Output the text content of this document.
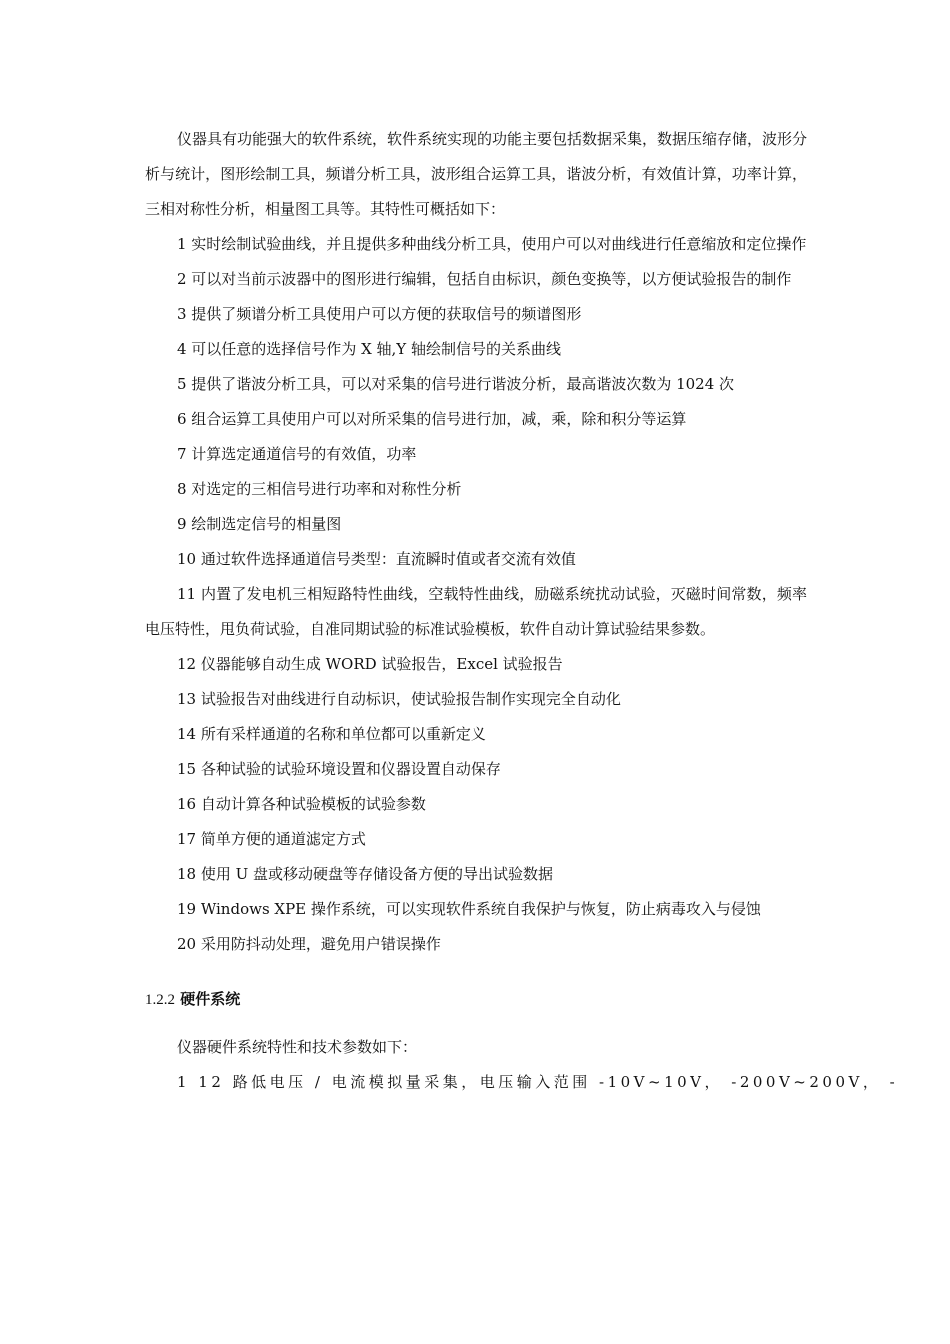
仪器具有功能强大的软件系统，软件系统实现的功能主要包括数据采集，数据压缩存储，波形分析与统计，图形绘制工具，频谱分析工具，波形组合运算工具，谐波分析，有效值计算，功率计算，三相对称性分析，相量图工具等。其特性可概括如下：

1 实时绘制试验曲线，并且提供多种曲线分析工具，使用户可以对曲线进行任意缩放和定位操作

2 可以对当前示波器中的图形进行编辑，包括自由标识，颜色变换等，以方便试验报告的制作

3 提供了频谱分析工具使用户可以方便的获取信号的频谱图形

4 可以任意的选择信号作为 X 轴,Y 轴绘制信号的关系曲线

5 提供了谐波分析工具，可以对采集的信号进行谐波分析，最高谐波次数为 1024 次

6 组合运算工具使用户可以对所采集的信号进行加，减，乘，除和积分等运算

7 计算选定通道信号的有效值，功率

8 对选定的三相信号进行功率和对称性分析

9 绘制选定信号的相量图

10 通过软件选择通道信号类型：直流瞬时值或者交流有效值

11 内置了发电机三相短路特性曲线，空载特性曲线，励磁系统扰动试验，灭磁时间常数，频率电压特性，甩负荷试验，自准同期试验的标准试验模板，软件自动计算试验结果参数。

12 仪器能够自动生成 WORD 试验报告，Excel 试验报告

13 试验报告对曲线进行自动标识，使试验报告制作实现完全自动化

14 所有采样通道的名称和单位都可以重新定义

15 各种试验的试验环境设置和仪器设置自动保存

16 自动计算各种试验模板的试验参数

17 简单方便的通道滤定方式

18 使用 U 盘或移动硬盘等存储设备方便的导出试验数据

19 Windows XPE 操作系统，可以实现软件系统自我保护与恢复，防止病毒攻入与侵蚀

20 采用防抖动处理，避免用户错误操作

1.2.2 硬件系统

仪器硬件系统特性和技术参数如下：

1 12 路低电压 / 电流模拟量采集，电压输入范围 -10V~10V， -200V~200V， -
